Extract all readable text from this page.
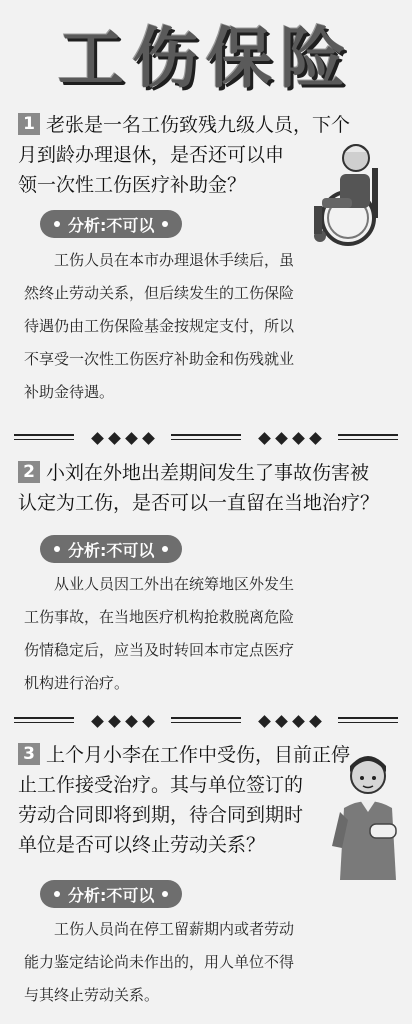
工伤保险
1 老张是一名工伤致残九级人员，下个
月到龄办理退休，是否还可以申
领一次性工伤医疗补助金？
分析:不可以
工伤人员在本市办理退休手续后，虽
然终止劳动关系，但后续发生的工伤保险
待遇仍由工伤保险基金按规定支付，所以
不享受一次性工伤医疗补助金和伤残就业
补助金待遇。
2 小刘在外地出差期间发生了事故伤害被
认定为工伤，是否可以一直留在当地治疗？
分析:不可以
从业人员因工外出在统筹地区外发生
工伤事故，在当地医疗机构抢救脱离危险
伤情稳定后，应当及时转回本市定点医疗
机构进行治疗。
3 上个月小李在工作中受伤，目前正停
止工作接受治疗。其与单位签订的
劳动合同即将到期，待合同到期时
单位是否可以终止劳动关系？
分析:不可以
工伤人员尚在停工留薪期内或者劳动
能力鉴定结论尚未作出的，用人单位不得
与其终止劳动关系。
